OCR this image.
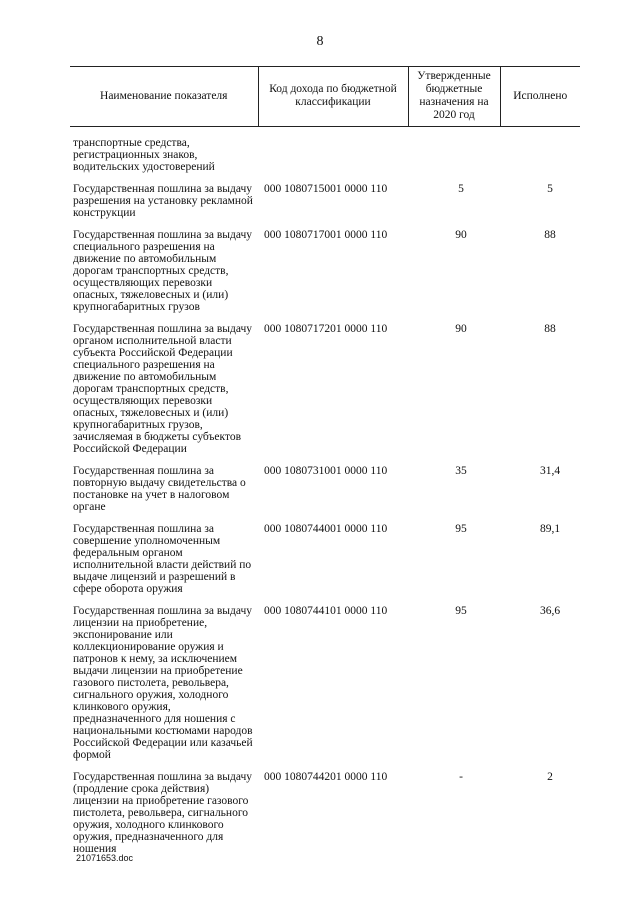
8
Наименование показателя	Код дохода по бюджетной классификации	Утвержденные бюджетные назначения на 2020 год	Исполнено

транспортные средства, регистрационных знаков, водительских удостоверений			

Государственная пошлина за выдачу разрешения на установку рекламной конструкции	000 1080715001 0000 110	5	5

Государственная пошлина за выдачу специального разрешения на движение по автомобильным дорогам транспортных средств, осуществляющих перевозки опасных, тяжеловесных и (или) крупногабаритных грузов	000 1080717001 0000 110	90	88

Государственная пошлина за выдачу органом исполнительной власти субъекта Российской Федерации специального разрешения на движение по автомобильным дорогам транспортных средств, осуществляющих перевозки опасных, тяжеловесных и (или) крупногабаритных грузов, зачисляемая в бюджеты субъектов Российской Федерации	000 1080717201 0000 110	90	88

Государственная пошлина за повторную выдачу свидетельства о постановке на учет в налоговом органе	000 1080731001 0000 110	35	31,4

Государственная пошлина за совершение уполномоченным федеральным органом исполнительной власти действий по выдаче лицензий и разрешений в сфере оборота оружия	000 1080744001 0000 110	95	89,1

Государственная пошлина за выдачу лицензии на приобретение, экспонирование или коллекционирование оружия и патронов к нему, за исключением выдачи лицензии на приобретение газового пистолета, револьвера, сигнального оружия, холодного клинкового оружия, предназначенного для ношения с национальными костюмами народов Российской Федерации или казачьей формой	000 1080744101 0000 110	95	36,6

Государственная пошлина за выдачу (продление срока действия) лицензии на приобретение газового пистолета, револьвера, сигнального оружия, холодного клинкового оружия, предназначенного для ношения	000 1080744201 0000 110	-	2
21071653.doc
